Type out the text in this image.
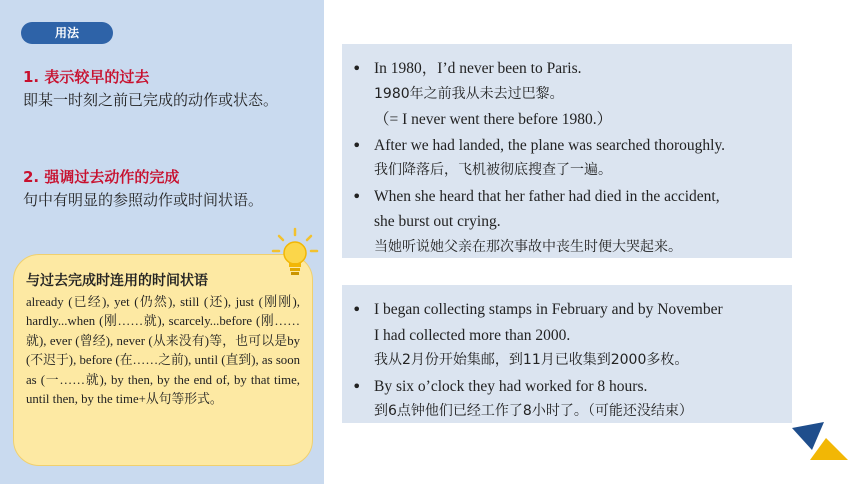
用法
1. 表示较早的过去
即某一时刻之前已完成的动作或状态。
2. 强调过去动作的完成
句中有明显的参照动作或时间状语。
与过去完成时连用的时间状语
already (已经), yet (仍然), still (还), just (刚刚), hardly...when (刚……就), scarcely...before (刚……就), ever (曾经), never (从来没有)等，也可以是by (不迟于), before (在……之前), until (直到), as soon as (一……就), by then, by the end of, by that time, until then, by the time+从句等形式。
• In 1980，I’d never been to Paris.
1980年之前我从未去过巴黎。
（= I never went there before 1980.）
• After we had landed, the plane was searched thoroughly.
我们降落后，飞机被彻底搜查了一遍。
• When she heard that her father had died in the accident,
she burst out crying.
当她听说她父亲在那次事故中丧生时便大哭起来。
• I began collecting stamps in February and by November
I had collected more than 2000.
我从2月份开始集邮，到11月已收集到2000多枚。
• By six o’clock they had worked for 8 hours.
到6点钟他们已经工作了8小时了。（可能还没结束）
